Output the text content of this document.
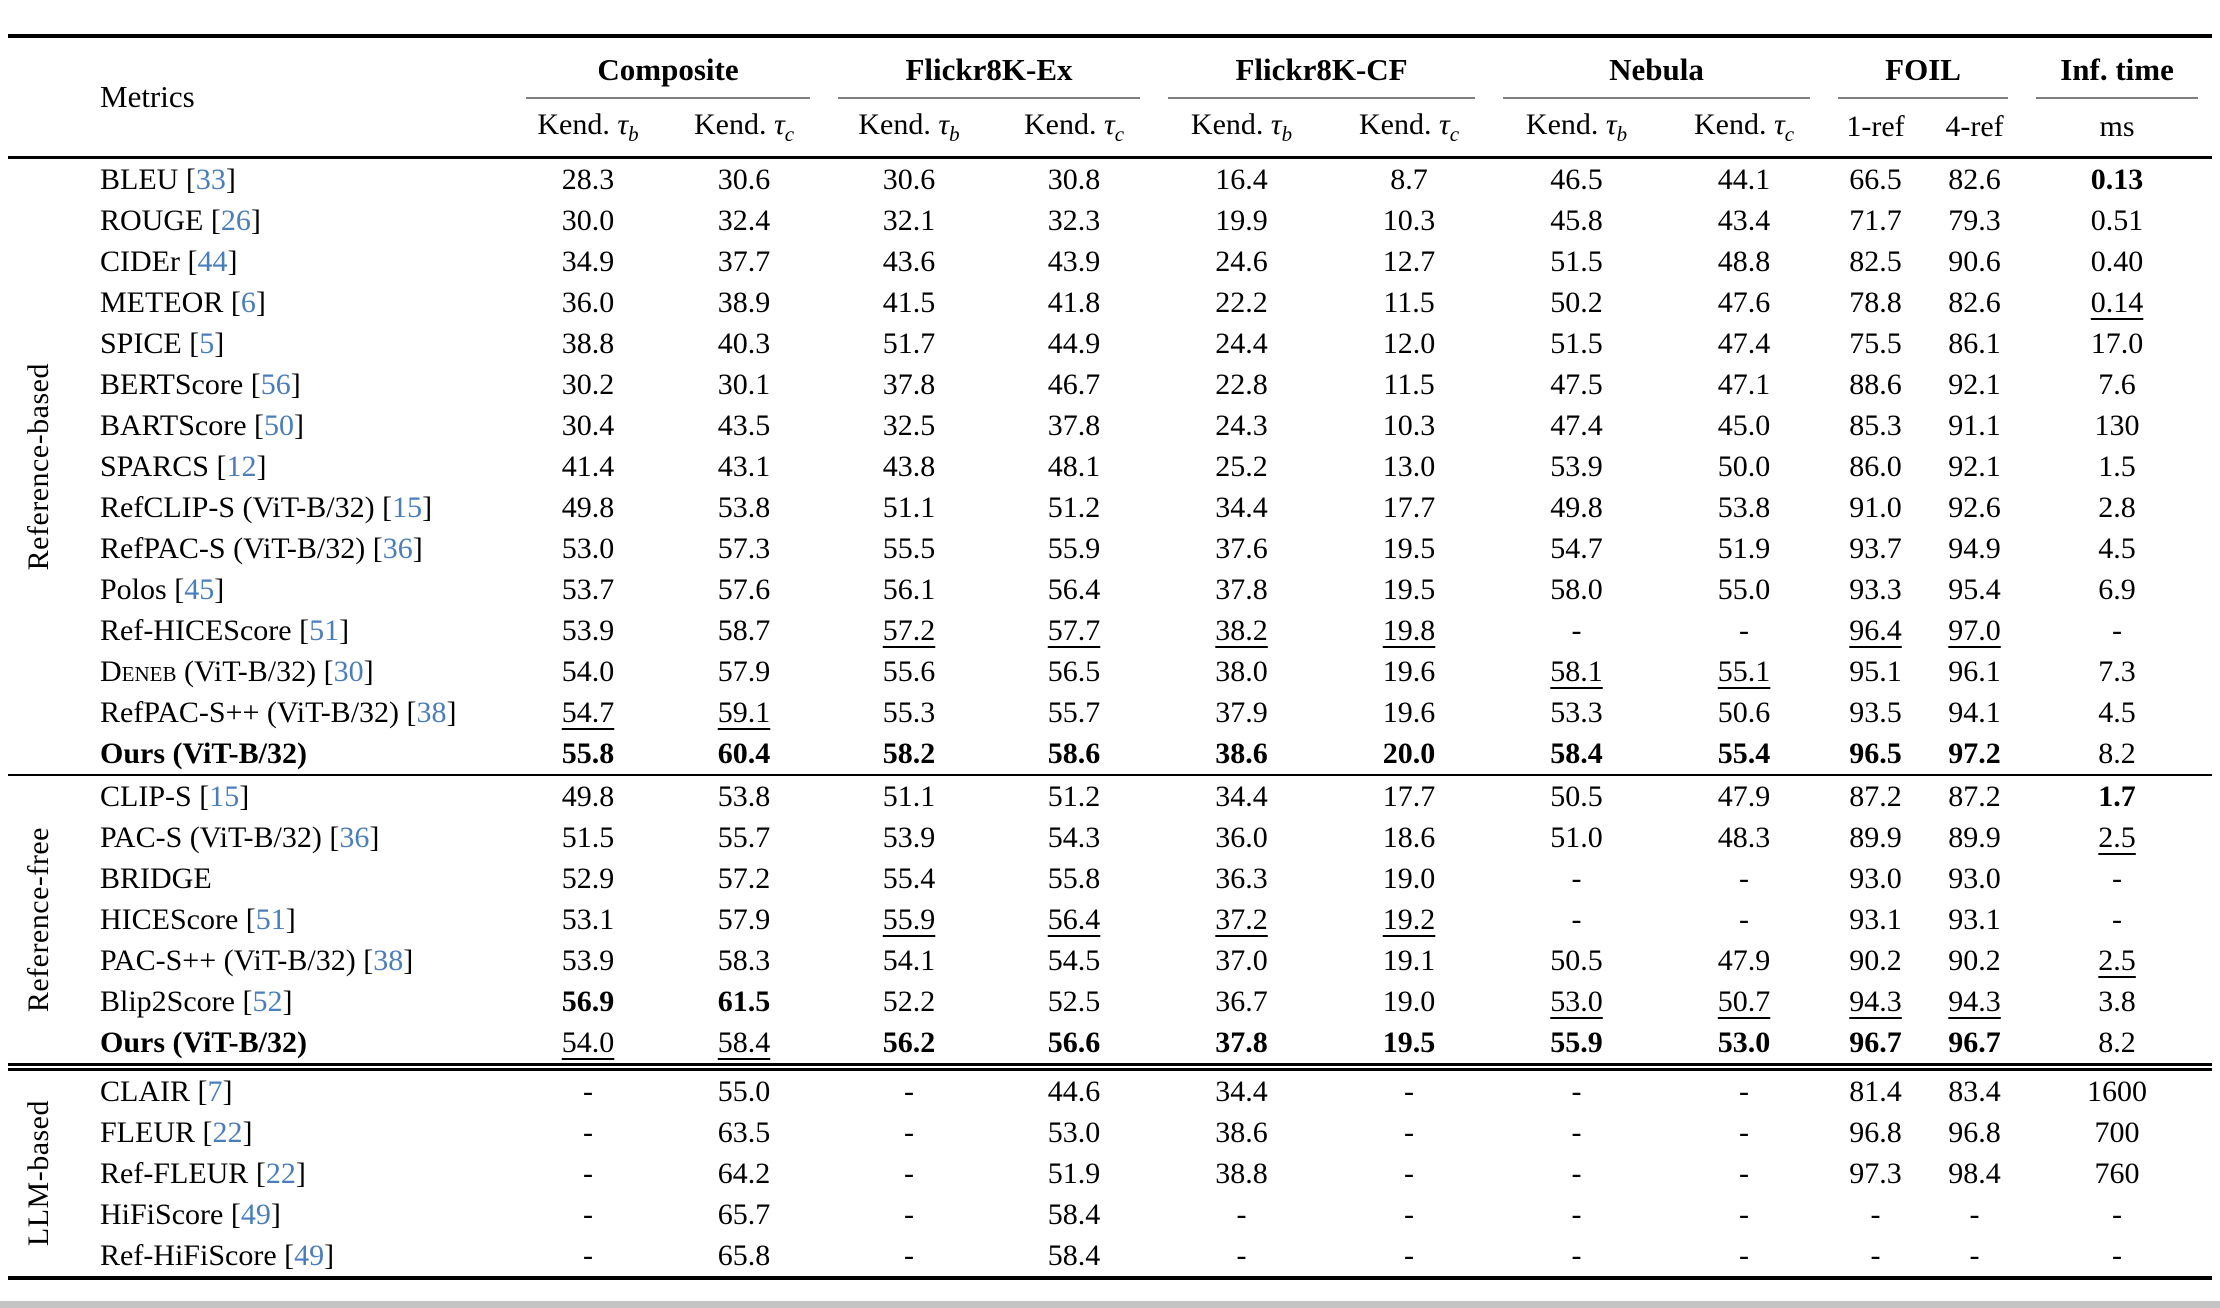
Metrics		Composite		Flickr8K-Ex		Flickr8K-CF		Nebula		FOIL		Inf. time

		Kend. $\tau_b$	Kend. $\tau_c$	Kend. $\tau_b$	Kend. $\tau_c$	Kend. $\tau_b$	Kend. $\tau_c$	Kend. $\tau_b$	Kend. $\tau_c$	1-ref	4-ref	ms

Reference-based	BLEU [33]	28.3	30.6	30.6	30.8	16.4	8.7	46.5	44.1	66.5	82.6	0.13
	ROUGE [26]	30.0	32.4	32.1	32.3	19.9	10.3	45.8	43.4	71.7	79.3	0.51
	CIDEr [44]	34.9	37.7	43.6	43.9	24.6	12.7	51.5	48.8	82.5	90.6	0.40
	METEOR [6]	36.0	38.9	41.5	41.8	22.2	11.5	50.2	47.6	78.8	82.6	0.14
	SPICE [5]	38.8	40.3	51.7	44.9	24.4	12.0	51.5	47.4	75.5	86.1	17.0
	BERTScore [56]	30.2	30.1	37.8	46.7	22.8	11.5	47.5	47.1	88.6	92.1	7.6
	BARTScore [50]	30.4	43.5	32.5	37.8	24.3	10.3	47.4	45.0	85.3	91.1	130
	SPARCS [12]	41.4	43.1	43.8	48.1	25.2	13.0	53.9	50.0	86.0	92.1	1.5
	RefCLIP-S (ViT-B/32) [15]	49.8	53.8	51.1	51.2	34.4	17.7	49.8	53.8	91.0	92.6	2.8
	RefPAC-S (ViT-B/32) [36]	53.0	57.3	55.5	55.9	37.6	19.5	54.7	51.9	93.7	94.9	4.5
	Polos [45]	53.7	57.6	56.1	56.4	37.8	19.5	58.0	55.0	93.3	95.4	6.9
	Ref-HICEScore [51]	53.9	58.7	57.2	57.7	38.2	19.8	-	-	96.4	97.0	-
	Deneb (ViT-B/32) [30]	54.0	57.9	55.6	56.5	38.0	19.6	58.1	55.1	95.1	96.1	7.3
	RefPAC-S++ (ViT-B/32) [38]	54.7	59.1	55.3	55.7	37.9	19.6	53.3	50.6	93.5	94.1	4.5
	Ours (ViT-B/32)	55.8	60.4	58.2	58.6	38.6	20.0	58.4	55.4	96.5	97.2	8.2

Reference-free	CLIP-S [15]	49.8	53.8	51.1	51.2	34.4	17.7	50.5	47.9	87.2	87.2	1.7
	PAC-S (ViT-B/32) [36]	51.5	55.7	53.9	54.3	36.0	18.6	51.0	48.3	89.9	89.9	2.5
	BRIDGE	52.9	57.2	55.4	55.8	36.3	19.0	-	-	93.0	93.0	-
	HICEScore [51]	53.1	57.9	55.9	56.4	37.2	19.2	-	-	93.1	93.1	-
	PAC-S++ (ViT-B/32) [38]	53.9	58.3	54.1	54.5	37.0	19.1	50.5	47.9	90.2	90.2	2.5
	Blip2Score [52]	56.9	61.5	52.2	52.5	36.7	19.0	53.0	50.7	94.3	94.3	3.8
	Ours (ViT-B/32)	54.0	58.4	56.2	56.6	37.8	19.5	55.9	53.0	96.7	96.7	8.2

LLM-based	CLAIR [7]	-	55.0	-	44.6	34.4	-	-	-	81.4	83.4	1600
	FLEUR [22]	-	63.5	-	53.0	38.6	-	-	-	96.8	96.8	700
	Ref-FLEUR [22]	-	64.2	-	51.9	38.8	-	-	-	97.3	98.4	760
	HiFiScore [49]	-	65.7	-	58.4	-	-	-	-	-	-	-
	Ref-HiFiScore [49]	-	65.8	-	58.4	-	-	-	-	-	-	-
